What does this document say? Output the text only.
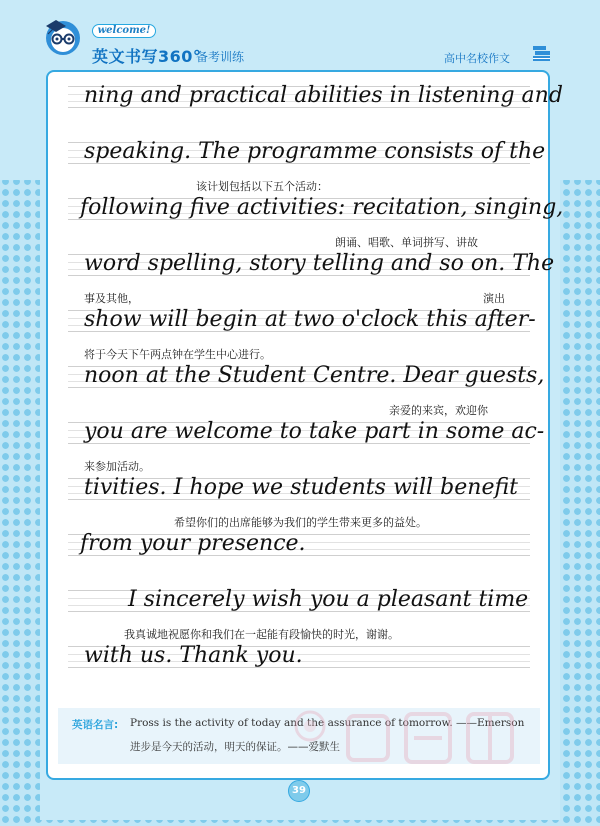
welcome!
英文书写360°
备考训练	高中名校作文
ning and practical abilities in listening and
speaking. The programme consists of the
该计划包括以下五个活动：
following five activities: recitation, singing,
朗诵、唱歌、单词拼写、讲故
word spelling, story telling and so on. The
事及其他，	演出
show will begin at two o'clock this after-
将于今天下午两点钟在学生中心进行。
noon at the Student Centre. Dear guests,
亲爱的来宾，欢迎你
you are welcome to take part in some ac-
来参加活动。
tivities. I hope we students will benefit
希望你们的出席能够为我们的学生带来更多的益处。
from your presence.
I sincerely wish you a pleasant time
我真诚地祝愿你和我们在一起能有段愉快的时光，谢谢。
with us. Thank you.
英语名言: Pross is the activity of today and the assurance of tomorrow. ——Emerson
进步是今天的活动，明天的保证。——爱默生
39
